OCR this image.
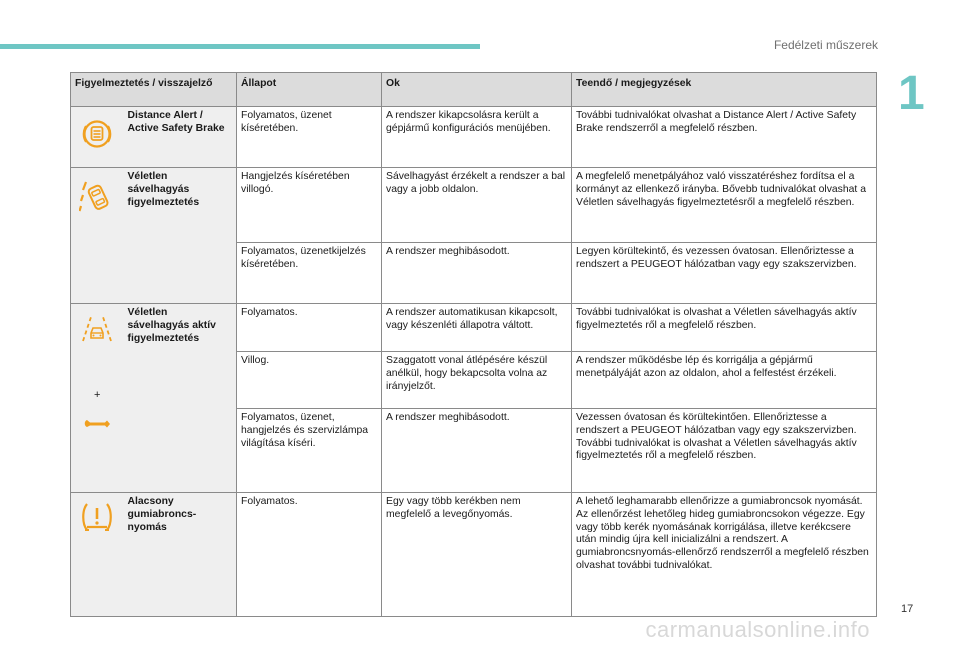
Fedélzeti műszerek
1
Figyelmeztetés / visszajelző		Állapot	Ok	Teendő / megjegyzések

	Distance Alert / Active Safety Brake	Folyamatos, üzenet kíséretében.	A rendszer kikapcsolásra került a gépjármű konfigurációs menüjében.	További tudnivalókat olvashat a Distance Alert / Active Safety Brake rendszerről a megfelelő részben.

	Véletlen sávelhagyás figyelmeztetés	Hangjelzés kíséretében villogó.	Sávelhagyást érzékelt a rendszer a bal vagy a jobb oldalon.	A megfelelő menetpályához való visszatéréshez fordítsa el a kormányt az ellenkező irányba. Bővebb tudnivalókat olvashat a Véletlen sávelhagyás figyelmeztetésről a megfelelő részben.
		Folyamatos, üzenetkijelzés kíséretében.	A rendszer meghibásodott.	Legyen körültekintő, és vezessen óvatosan. Ellenőriztesse a rendszert a PEUGEOT hálózatban vagy egy szakszervizben.

+	Véletlen sávelhagyás aktív figyelmeztetés	Folyamatos.	A rendszer automatikusan kikapcsolt, vagy készenléti állapotra váltott.	További tudnivalókat is olvashat a Véletlen sávelhagyás aktív figyelmeztetés ről a megfelelő részben.
		Villog.	Szaggatott vonal átlépésére készül anélkül, hogy bekapcsolta volna az irányjelzőt.	A rendszer működésbe lép és korrigálja a gépjármű menetpályáját azon az oldalon, ahol a felfestést érzékeli.
		Folyamatos, üzenet, hangjelzés és szervizlámpa világítása kíséri.	A rendszer meghibásodott.	Vezessen óvatosan és körültekintően. Ellenőriztesse a rendszert a PEUGEOT hálózatban vagy egy szakszervizben. További tudnivalókat is olvashat a Véletlen sávelhagyás aktív figyelmeztetés ről a megfelelő részben.

	Alacsony gumiabroncs-nyomás	Folyamatos.	Egy vagy több kerékben nem megfelelő a levegőnyomás.	A lehető leghamarabb ellenőrizze a gumiabroncsok nyomását. Az ellenőrzést lehetőleg hideg gumiabroncsokon végezze. Egy vagy több kerék nyomásának korrigálása, illetve kerékcsere után mindig újra kell inicializálni a rendszert. A gumiabroncsnyomás-ellenőrző rendszerről a megfelelő részben olvashat további tudnivalókat.
17
carmanualsonline.info
